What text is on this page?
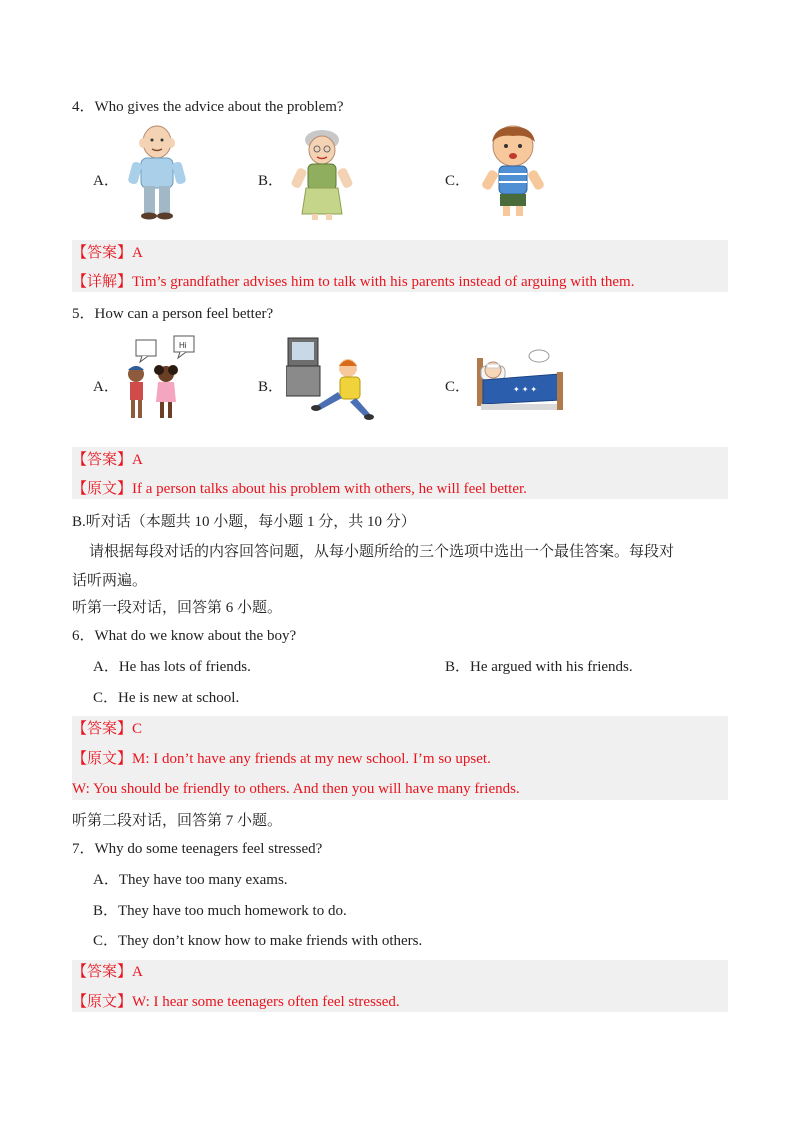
4．Who gives the advice about the problem?
A．	B．	C．
【答案】A
【详解】Tim’s grandfather advises him to talk with his parents instead of arguing with them.
5．How can a person feel better?
A．
Hi
B．	C．	✦ ✦ ✦
【答案】A
【原文】If a person talks about his problem with others, he will feel better.
B.听对话（本题共 10 小题，每小题 1 分，共 10 分）
请根据每段对话的内容回答问题，从每小题所给的三个选项中选出一个最佳答案。每段对
话听两遍。
听第一段对话，回答第 6 小题。
6．What do we know about the boy?
A．He has lots of friends.	B．He argued with his friends.
C．He is new at school.
【答案】C
【原文】M: I don’t have any friends at my new school. I’m so upset.
W: You should be friendly to others. And then you will have many friends.
听第二段对话，回答第 7 小题。
7．Why do some teenagers feel stressed?
A．They have too many exams.
B．They have too much homework to do.
C．They don’t know how to make friends with others.
【答案】A
【原文】W: I hear some teenagers often feel stressed.
